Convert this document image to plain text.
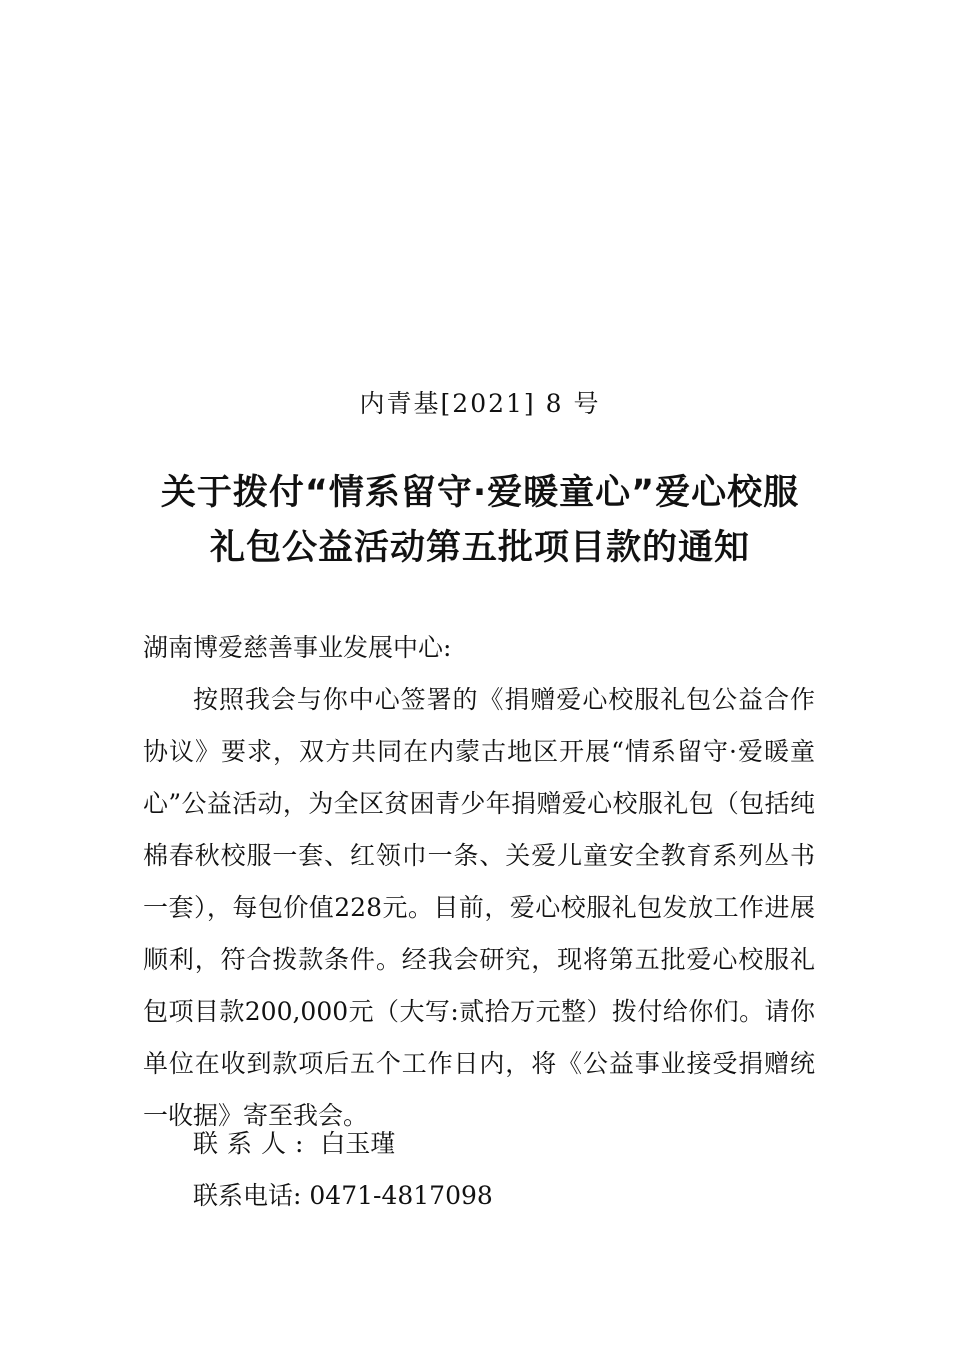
内青基[2021] 8 号
关于拨付“情系留守·爱暖童心”爱心校服
礼包公益活动第五批项目款的通知

湖南博爱慈善事业发展中心:

按照我会与你中心签署的《捐赠爱心校服礼包公益合作协议》要求，双方共同在内蒙古地区开展“情系留守·爱暖童心”公益活动，为全区贫困青少年捐赠爱心校服礼包（包括纯棉春秋校服一套、红领巾一条、关爱儿童安全教育系列丛书一套），每包价值228元。目前，爱心校服礼包发放工作进展顺利，符合拨款条件。经我会研究，现将第五批爱心校服礼包项目款200,000元（大写:贰拾万元整）拨付给你们。请你单位在收到款项后五个工作日内，将《公益事业接受捐赠统一收据》寄至我会。

联系人: 白玉瑾
联系电话: 0471-4817098
